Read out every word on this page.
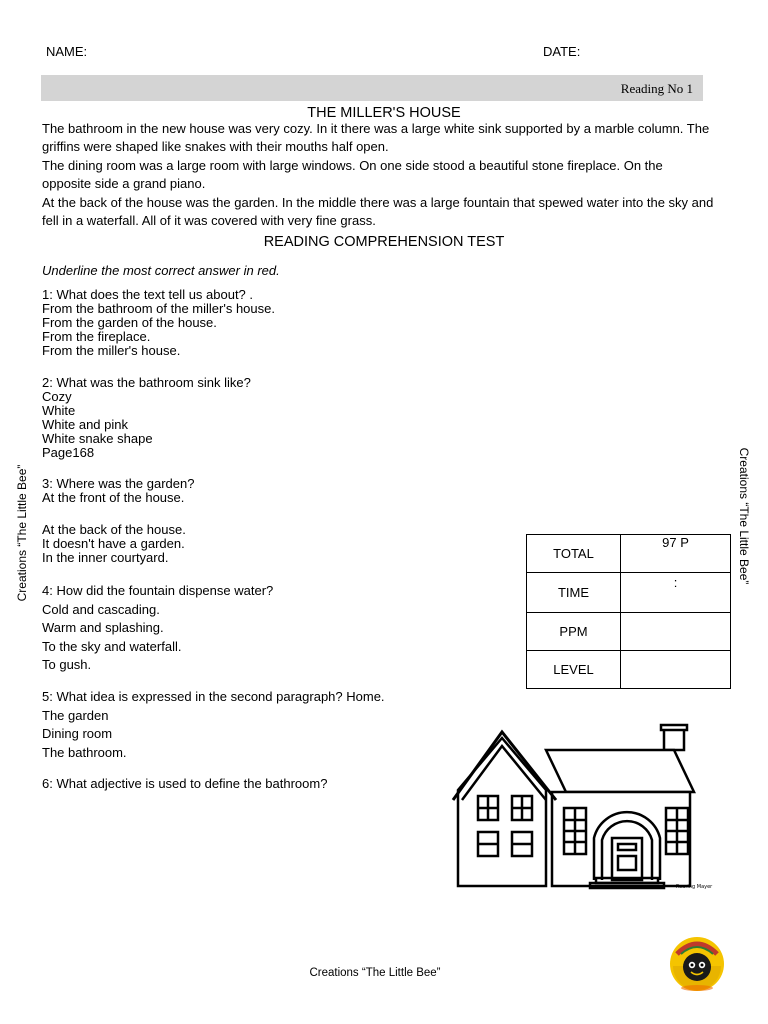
NAME:	DATE:
Reading No 1
THE MILLER'S HOUSE

The bathroom in the new house was very cozy. In it there was a large white sink supported by a marble column. The griffins were shaped like snakes with their mouths half open.

The dining room was a large room with large windows. On one side stood a beautiful stone fireplace. On the opposite side a grand piano.

At the back of the house was the garden. In the middle there was a large fountain that spewed water into the sky and fell in a waterfall. All of it was covered with very fine grass.

READING COMPREHENSION TEST
Underline the most correct answer in red.
1: What does the text tell us about? .
From the bathroom of the miller's house.
From the garden of the house.
From the fireplace.
From the miller's house.
2: What was the bathroom sink like?
Cozy
White
White and pink
White snake shape
Page168
3: Where was the garden?
At the front of the house.
At the back of the house.
It doesn't have a garden.
In the inner courtyard.
4: How did the fountain dispense water?
Cold and cascading.
Warm and splashing.
To the sky and waterfall.
To gush.
5: What idea is expressed in the second paragraph? Home.
The garden
Dining room
The bathroom.
6: What adjective is used to define the bathroom?
Creations “The Little Bee”	Creations “The Little Bee”
TOTAL	97 P
TIME	:
PPM	
LEVEL	
Roaring Mayer
Creations “The Little Bee”
